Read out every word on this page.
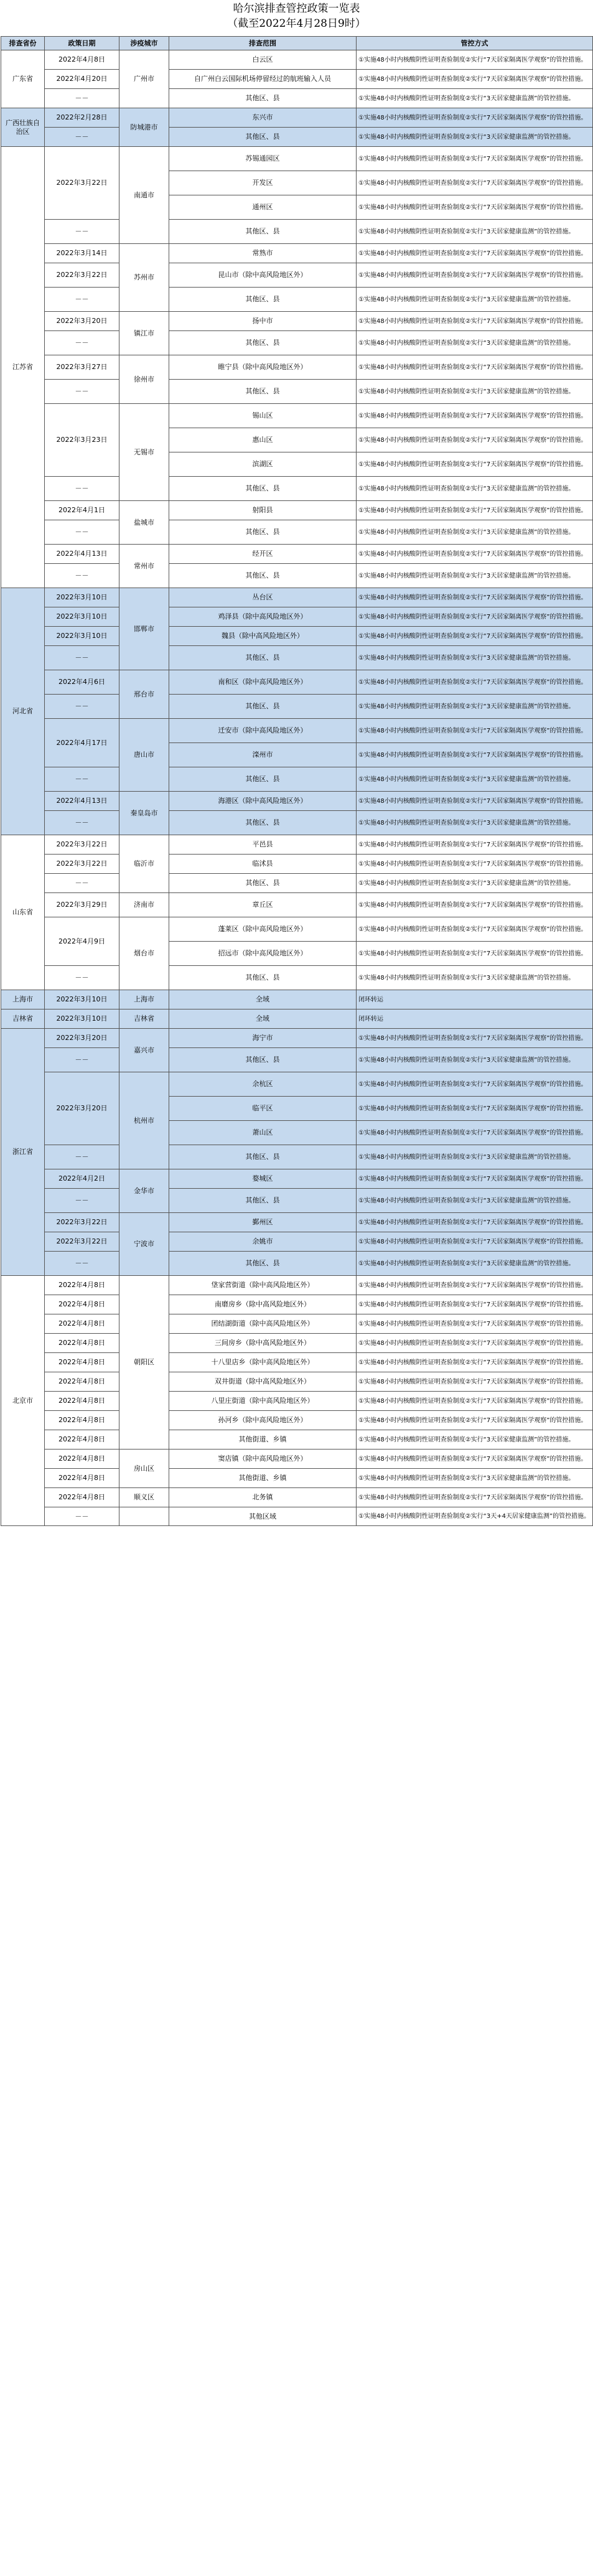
哈尔滨排查管控政策一览表
（截至2022年4月28日9时）
排查省份	政策日期	涉疫城市	排查范围	管控方式
广东省	2022年4月8日	广州市	白云区	①实施48小时内核酸阴性证明查验制度②实行“7天居家隔离医学观察”的管控措施。
	2022年4月20日		自广州白云国际机场停留经过的航班输入人员	①实施48小时内核酸阴性证明查验制度②实行“7天居家隔离医学观察”的管控措施。
	－－		其他区、县	①实施48小时内核酸阴性证明查验制度②实行“3天居家健康监测”的管控措施。
广西壮族自治区	2022年2月28日	防城港市	东兴市	①实施48小时内核酸阴性证明查验制度②实行“7天居家隔离医学观察”的管控措施。
	－－		其他区、县	①实施48小时内核酸阴性证明查验制度②实行“3天居家健康监测”的管控措施。
江苏省	2022年3月22日	南通市	苏锡通园区	①实施48小时内核酸阴性证明查验制度②实行“7天居家隔离医学观察”的管控措施。
			开发区	①实施48小时内核酸阴性证明查验制度②实行“7天居家隔离医学观察”的管控措施。
			通州区	①实施48小时内核酸阴性证明查验制度②实行“7天居家隔离医学观察”的管控措施。
	－－		其他区、县	①实施48小时内核酸阴性证明查验制度②实行“3天居家健康监测”的管控措施。
	2022年3月14日	苏州市	常熟市	①实施48小时内核酸阴性证明查验制度②实行“7天居家隔离医学观察”的管控措施。
	2022年3月22日		昆山市（除中高风险地区外）	①实施48小时内核酸阴性证明查验制度②实行“7天居家隔离医学观察”的管控措施。
	－－		其他区、县	①实施48小时内核酸阴性证明查验制度②实行“3天居家健康监测”的管控措施。
	2022年3月20日	镇江市	扬中市	①实施48小时内核酸阴性证明查验制度②实行“7天居家隔离医学观察”的管控措施。
	－－		其他区、县	①实施48小时内核酸阴性证明查验制度②实行“3天居家健康监测”的管控措施。
	2022年3月27日	徐州市	睢宁县（除中高风险地区外）	①实施48小时内核酸阴性证明查验制度②实行“7天居家隔离医学观察”的管控措施。
	－－		其他区、县	①实施48小时内核酸阴性证明查验制度②实行“3天居家健康监测”的管控措施。
	2022年3月23日	无锡市	锡山区	①实施48小时内核酸阴性证明查验制度②实行“7天居家隔离医学观察”的管控措施。
			惠山区	①实施48小时内核酸阴性证明查验制度②实行“7天居家隔离医学观察”的管控措施。
			滨湖区	①实施48小时内核酸阴性证明查验制度②实行“7天居家隔离医学观察”的管控措施。
	－－		其他区、县	①实施48小时内核酸阴性证明查验制度②实行“3天居家健康监测”的管控措施。
	2022年4月1日	盐城市	射阳县	①实施48小时内核酸阴性证明查验制度②实行“7天居家隔离医学观察”的管控措施。
	－－		其他区、县	①实施48小时内核酸阴性证明查验制度②实行“3天居家健康监测”的管控措施。
	2022年4月13日	常州市	经开区	①实施48小时内核酸阴性证明查验制度②实行“7天居家隔离医学观察”的管控措施。
	－－		其他区、县	①实施48小时内核酸阴性证明查验制度②实行“3天居家健康监测”的管控措施。
河北省	2022年3月10日	邯郸市	丛台区	①实施48小时内核酸阴性证明查验制度②实行“7天居家隔离医学观察”的管控措施。
	2022年3月10日		鸡泽县（除中高风险地区外）	①实施48小时内核酸阴性证明查验制度②实行“7天居家隔离医学观察”的管控措施。
	2022年3月10日		魏县（除中高风险地区外）	①实施48小时内核酸阴性证明查验制度②实行“7天居家隔离医学观察”的管控措施。
	－－		其他区、县	①实施48小时内核酸阴性证明查验制度②实行“3天居家健康监测”的管控措施。
	2022年4月6日	邢台市	南和区（除中高风险地区外）	①实施48小时内核酸阴性证明查验制度②实行“7天居家隔离医学观察”的管控措施。
	－－		其他区、县	①实施48小时内核酸阴性证明查验制度②实行“3天居家健康监测”的管控措施。
	2022年4月17日	唐山市	迁安市（除中高风险地区外）	①实施48小时内核酸阴性证明查验制度②实行“7天居家隔离医学观察”的管控措施。
			滦州市	①实施48小时内核酸阴性证明查验制度②实行“7天居家隔离医学观察”的管控措施。
	－－		其他区、县	①实施48小时内核酸阴性证明查验制度②实行“3天居家健康监测”的管控措施。
	2022年4月13日	秦皇岛市	海港区（除中高风险地区外）	①实施48小时内核酸阴性证明查验制度②实行“7天居家隔离医学观察”的管控措施。
	－－		其他区、县	①实施48小时内核酸阴性证明查验制度②实行“3天居家健康监测”的管控措施。
山东省	2022年3月22日	临沂市	平邑县	①实施48小时内核酸阴性证明查验制度②实行“7天居家隔离医学观察”的管控措施。
	2022年3月22日		临沭县	①实施48小时内核酸阴性证明查验制度②实行“7天居家隔离医学观察”的管控措施。
	－－		其他区、县	①实施48小时内核酸阴性证明查验制度②实行“3天居家健康监测”的管控措施。
	2022年3月29日	济南市	章丘区	①实施48小时内核酸阴性证明查验制度②实行“7天居家隔离医学观察”的管控措施。
	2022年4月9日	烟台市	蓬莱区（除中高风险地区外）	①实施48小时内核酸阴性证明查验制度②实行“7天居家隔离医学观察”的管控措施。
			招远市（除中高风险地区外）	①实施48小时内核酸阴性证明查验制度②实行“7天居家隔离医学观察”的管控措施。
	－－		其他区、县	①实施48小时内核酸阴性证明查验制度②实行“3天居家健康监测”的管控措施。
上海市	2022年3月10日	上海市	全域	闭环转运
吉林省	2022年3月10日	吉林省	全域	闭环转运
浙江省	2022年3月20日	嘉兴市	海宁市	①实施48小时内核酸阴性证明查验制度②实行“7天居家隔离医学观察”的管控措施。
	－－		其他区、县	①实施48小时内核酸阴性证明查验制度②实行“3天居家健康监测”的管控措施。
	2022年3月20日	杭州市	余杭区	①实施48小时内核酸阴性证明查验制度②实行“7天居家隔离医学观察”的管控措施。
			临平区	①实施48小时内核酸阴性证明查验制度②实行“7天居家隔离医学观察”的管控措施。
			萧山区	①实施48小时内核酸阴性证明查验制度②实行“7天居家隔离医学观察”的管控措施。
	－－		其他区、县	①实施48小时内核酸阴性证明查验制度②实行“3天居家健康监测”的管控措施。
	2022年4月2日	金华市	婺城区	①实施48小时内核酸阴性证明查验制度②实行“7天居家隔离医学观察”的管控措施。
	－－		其他区、县	①实施48小时内核酸阴性证明查验制度②实行“3天居家健康监测”的管控措施。
	2022年3月22日	宁波市	鄞州区	①实施48小时内核酸阴性证明查验制度②实行“7天居家隔离医学观察”的管控措施。
	2022年3月22日		余姚市	①实施48小时内核酸阴性证明查验制度②实行“7天居家隔离医学观察”的管控措施。
	－－		其他区、县	①实施48小时内核酸阴性证明查验制度②实行“3天居家健康监测”的管控措施。
北京市	2022年4月8日	朝阳区	垡家营街道（除中高风险地区外）	①实施48小时内核酸阴性证明查验制度②实行“7天居家隔离医学观察”的管控措施。
	2022年4月8日		南磨房乡（除中高风险地区外）	①实施48小时内核酸阴性证明查验制度②实行“7天居家隔离医学观察”的管控措施。
	2022年4月8日		团结湖街道（除中高风险地区外）	①实施48小时内核酸阴性证明查验制度②实行“7天居家隔离医学观察”的管控措施。
	2022年4月8日		三间房乡（除中高风险地区外）	①实施48小时内核酸阴性证明查验制度②实行“7天居家隔离医学观察”的管控措施。
	2022年4月8日		十八里店乡（除中高风险地区外）	①实施48小时内核酸阴性证明查验制度②实行“7天居家隔离医学观察”的管控措施。
	2022年4月8日		双井街道（除中高风险地区外）	①实施48小时内核酸阴性证明查验制度②实行“7天居家隔离医学观察”的管控措施。
	2022年4月8日		八里庄街道（除中高风险地区外）	①实施48小时内核酸阴性证明查验制度②实行“7天居家隔离医学观察”的管控措施。
	2022年4月8日		孙河乡（除中高风险地区外）	①实施48小时内核酸阴性证明查验制度②实行“7天居家隔离医学观察”的管控措施。
	2022年4月8日		其他街道、乡镇	①实施48小时内核酸阴性证明查验制度②实行“3天居家健康监测”的管控措施。
	2022年4月8日	房山区	窦店镇（除中高风险地区外）	①实施48小时内核酸阴性证明查验制度②实行“7天居家隔离医学观察”的管控措施。
	2022年4月8日		其他街道、乡镇	①实施48小时内核酸阴性证明查验制度②实行“3天居家健康监测”的管控措施。
	2022年4月8日	顺义区	北务镇	①实施48小时内核酸阴性证明查验制度②实行“7天居家隔离医学观察”的管控措施。
	－－		其他区域	①实施48小时内核酸阴性证明查验制度②实行“3天+4天居家健康监测”的管控措施。
